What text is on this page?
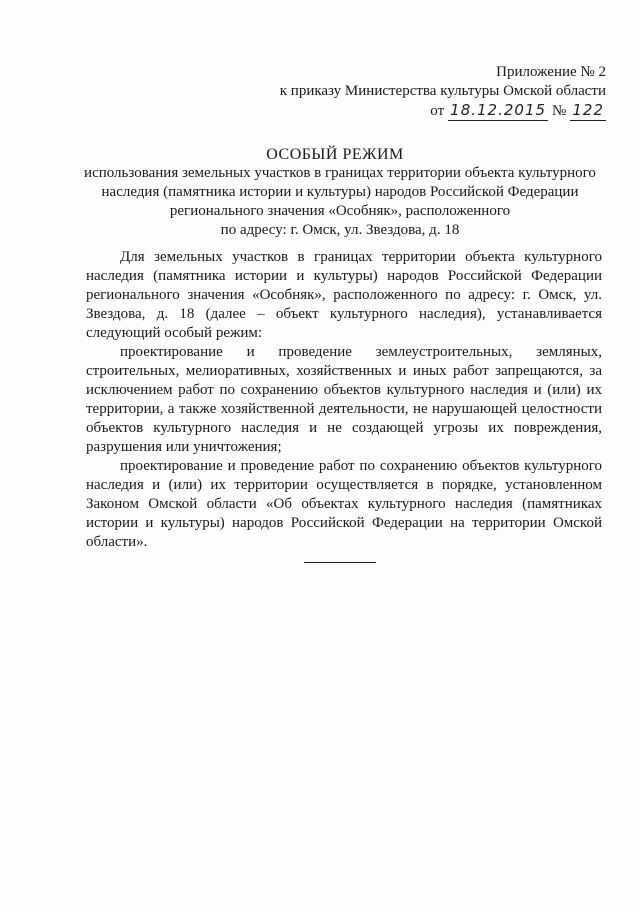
Приложение № 2
к приказу Министерства культуры Омской области
от 18.12.2015 № 122
ОСОБЫЙ РЕЖИМ
использования земельных участков в границах территории объекта культурного
наследия (памятника истории и культуры) народов Российской Федерации
регионального значения «Особняк», расположенного
по адресу: г. Омск, ул. Звездова, д. 18

Для земельных участков в границах территории объекта культурного наследия (памятника истории и культуры) народов Российской Федерации регионального значения «Особняк», расположенного по адресу: г. Омск, ул. Звездова, д. 18 (далее – объект культурного наследия), устанавливается следующий особый режим:

проектирование и проведение землеустроительных, земляных, строительных, мелиоративных, хозяйственных и иных работ запрещаются, за исключением работ по сохранению объектов культурного наследия и (или) их территории, а также хозяйственной деятельности, не нарушающей целостности объектов культурного наследия и не создающей угрозы их повреждения, разрушения или уничтожения;

проектирование и проведение работ по сохранению объектов культурного наследия и (или) их территории осуществляется в порядке, установленном Законом Омской области «Об объектах культурного наследия (памятниках истории и культуры) народов Российской Федерации на территории Омской области».
